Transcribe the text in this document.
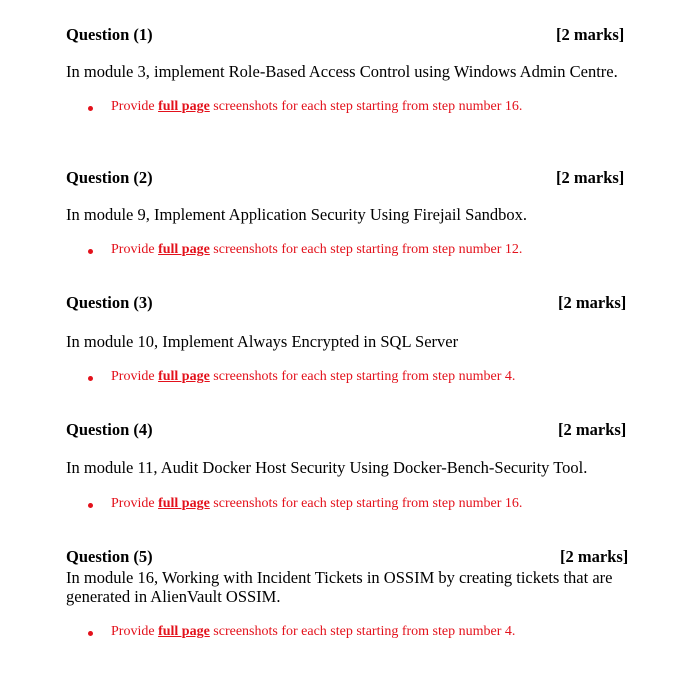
Question (1)	[2 marks]
In module 3, implement Role-Based Access Control using Windows Admin Centre.
Provide full page screenshots for each step starting from step number 16.
Question (2)	[2 marks]
In module 9, Implement Application Security Using Firejail Sandbox.
Provide full page screenshots for each step starting from step number 12.
Question (3)	[2 marks]
In module 10, Implement Always Encrypted in SQL Server
Provide full page screenshots for each step starting from step number 4.
Question (4)	[2 marks]
In module 11, Audit Docker Host Security Using Docker-Bench-Security Tool.
Provide full page screenshots for each step starting from step number 16.
Question (5)	[2 marks]
In module 16, Working with Incident Tickets in OSSIM by creating tickets that are generated in AlienVault OSSIM.
Provide full page screenshots for each step starting from step number 4.
